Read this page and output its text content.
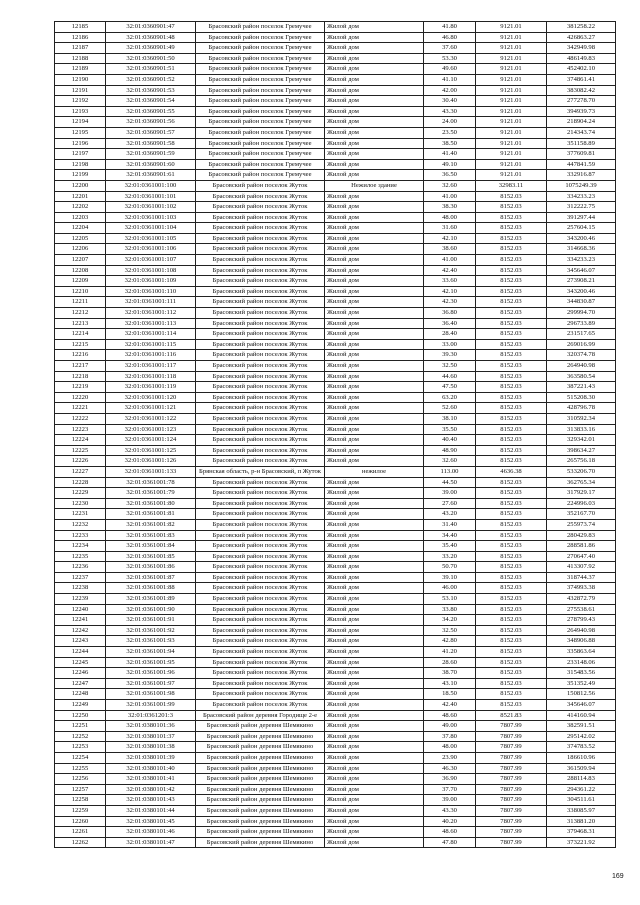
12185	32:01:0360901:47	Брасовский район поселок Гремучее	Жилой дом	41.80	9121.01	381258.22
12186	32:01:0360901:48	Брасовский район поселок Гремучее	Жилой дом	46.80	9121.01	426863.27
12187	32:01:0360901:49	Брасовский район поселок Гремучее	Жилой дом	37.60	9121.01	342949.98
12188	32:01:0360901:50	Брасовский район поселок Гремучее	Жилой дом	53.30	9121.01	486149.83
12189	32:01:0360901:51	Брасовский район поселок Гремучее	Жилой дом	49.60	9121.01	452402.10
12190	32:01:0360901:52	Брасовский район поселок Гремучее	Жилой дом	41.10	9121.01	374861.41
12191	32:01:0360901:53	Брасовский район поселок Гремучее	Жилой дом	42.00	9121.01	383082.42
12192	32:01:0360901:54	Брасовский район поселок Гремучее	Жилой дом	30.40	9121.01	277278.70
12193	32:01:0360901:55	Брасовский район поселок Гремучее	Жилой дом	43.30	9121.01	394939.73
12194	32:01:0360901:56	Брасовский район поселок Гремучее	Жилой дом	24.00	9121.01	218904.24
12195	32:01:0360901:57	Брасовский район поселок Гремучее	Жилой дом	23.50	9121.01	214343.74
12196	32:01:0360901:58	Брасовский район поселок Гремучее	Жилой дом	38.50	9121.01	351158.89
12197	32:01:0360901:59	Брасовский район поселок Гремучее	Жилой дом	41.40	9121.01	377609.81
12198	32:01:0360901:60	Брасовский район поселок Гремучее	Жилой дом	49.10	9121.01	447841.59
12199	32:01:0360901:61	Брасовский район поселок Гремучее	Жилой дом	36.50	9121.01	332916.87
12200	32:01:0361001:100	Брасовский район поселок Жуток	Нежилое здание	32.60	32983.11	1075249.39
12201	32:01:0361001:101	Брасовский район поселок Жуток	Жилой дом	41.00	8152.03	334233.23
12202	32:01:0361001:102	Брасовский район поселок Жуток	Жилой дом	38.30	8152.03	312222.75
12203	32:01:0361001:103	Брасовский район поселок Жуток	Жилой дом	48.00	8152.03	391297.44
12204	32:01:0361001:104	Брасовский район поселок Жуток	Жилой дом	31.60	8152.03	257604.15
12205	32:01:0361001:105	Брасовский район поселок Жуток	Жилой дом	42.10	8152.03	343200.46
12206	32:01:0361001:106	Брасовский район поселок Жуток	Жилой дом	38.60	8152.03	314668.36
12207	32:01:0361001:107	Брасовский район поселок Жуток	Жилой дом	41.00	8152.03	334233.23
12208	32:01:0361001:108	Брасовский район поселок Жуток	Жилой дом	42.40	8152.03	345646.07
12209	32:01:0361001:109	Брасовский район поселок Жуток	Жилой дом	33.60	8152.03	273908.21
12210	32:01:0361001:110	Брасовский район поселок Жуток	Жилой дом	42.10	8152.03	343200.46
12211	32:01:0361001:111	Брасовский район поселок Жуток	Жилой дом	42.30	8152.03	344830.87
12212	32:01:0361001:112	Брасовский район поселок Жуток	Жилой дом	36.80	8152.03	299994.70
12213	32:01:0361001:113	Брасовский район поселок Жуток	Жилой дом	36.40	8152.03	296733.89
12214	32:01:0361001:114	Брасовский район поселок Жуток	Жилой дом	28.40	8152.03	231517.65
12215	32:01:0361001:115	Брасовский район поселок Жуток	Жилой дом	33.00	8152.03	269016.99
12216	32:01:0361001:116	Брасовский район поселок Жуток	Жилой дом	39.30	8152.03	320374.78
12217	32:01:0361001:117	Брасовский район поселок Жуток	Жилой дом	32.50	8152.03	264940.98
12218	32:01:0361001:118	Брасовский район поселок Жуток	Жилой дом	44.60	8152.03	363580.54
12219	32:01:0361001:119	Брасовский район поселок Жуток	Жилой дом	47.50	8152.03	387221.43
12220	32:01:0361001:120	Брасовский район поселок Жуток	Жилой дом	63.20	8152.03	515208.30
12221	32:01:0361001:121	Брасовский район поселок Жуток	Жилой дом	52.60	8152.03	428796.78
12222	32:01:0361001:122	Брасовский район поселок Жуток	Жилой дом	38.10	8152.03	310592.34
12223	32:01:0361001:123	Брасовский район поселок Жуток	Жилой дом	35.50	8152.03	313833.16
12224	32:01:0361001:124	Брасовский район поселок Жуток	Жилой дом	40.40	8152.03	329342.01
12225	32:01:0361001:125	Брасовский район поселок Жуток	Жилой дом	48.90	8152.03	398634.27
12226	32:01:0361001:126	Брасовский район поселок Жуток	Жилой дом	32.60	8152.03	265756.18
12227	32:01:0361001:133	Брянская область, р-н Брасовский, п Жуток	нежилое	113.00	4636.38	533206.70
12228	32:01:0361001:78	Брасовский район поселок Жуток	Жилой дом	44.50	8152.03	362765.34
12229	32:01:0361001:79	Брасовский район поселок Жуток	Жилой дом	39.00	8152.03	317929.17
12230	32:01:0361001:80	Брасовский район поселок Жуток	Жилой дом	27.60	8152.03	224996.03
12231	32:01:0361001:81	Брасовский район поселок Жуток	Жилой дом	43.20	8152.03	352167.70
12232	32:01:0361001:82	Брасовский район поселок Жуток	Жилой дом	31.40	8152.03	255973.74
12233	32:01:0361001:83	Брасовский район поселок Жуток	Жилой дом	34.40	8152.03	280429.83
12234	32:01:0361001:84	Брасовский район поселок Жуток	Жилой дом	35.40	8152.03	288581.86
12235	32:01:0361001:85	Брасовский район поселок Жуток	Жилой дом	33.20	8152.03	270647.40
12236	32:01:0361001:86	Брасовский район поселок Жуток	Жилой дом	50.70	8152.03	413307.92
12237	32:01:0361001:87	Брасовский район поселок Жуток	Жилой дом	39.10	8152.03	318744.37
12238	32:01:0361001:88	Брасовский район поселок Жуток	Жилой дом	46.00	8152.03	374993.38
12239	32:01:0361001:89	Брасовский район поселок Жуток	Жилой дом	53.10	8152.03	432872.79
12240	32:01:0361001:90	Брасовский район поселок Жуток	Жилой дом	33.80	8152.03	275538.61
12241	32:01:0361001:91	Брасовский район поселок Жуток	Жилой дом	34.20	8152.03	278799.43
12242	32:01:0361001:92	Брасовский район поселок Жуток	Жилой дом	32.50	8152.03	264940.98
12243	32:01:0361001:93	Брасовский район поселок Жуток	Жилой дом	42.80	8152.03	348906.88
12244	32:01:0361001:94	Брасовский район поселок Жуток	Жилой дом	41.20	8152.03	335863.64
12245	32:01:0361001:95	Брасовский район поселок Жуток	Жилой дом	28.60	8152.03	233148.06
12246	32:01:0361001:96	Брасовский район поселок Жуток	Жилой дом	38.70	8152.03	315483.56
12247	32:01:0361001:97	Брасовский район поселок Жуток	Жилой дом	43.10	8152.03	351352.49
12248	32:01:0361001:98	Брасовский район поселок Жуток	Жилой дом	18.50	8152.03	150812.56
12249	32:01:0361001:99	Брасовский район поселок Жуток	Жилой дом	42.40	8152.03	345646.07
12250	32:01:0361201:3	Брасовский район деревня Городище 2-е	Жилой дом	48.60	8521.83	414160.94
12251	32:01:0380101:36	Брасовский район деревня Шемякино	Жилой дом	49.00	7807.99	382591.51
12252	32:01:0380101:37	Брасовский район деревня Шемякино	Жилой дом	37.80	7807.99	295142.02
12253	32:01:0380101:38	Брасовский район деревня Шемякино	Жилой дом	48.00	7807.99	374783.52
12254	32:01:0380101:39	Брасовский район деревня Шемякино	Жилой дом	23.90	7807.99	186610.96
12255	32:01:0380101:40	Брасовский район деревня Шемякино	Жилой дом	46.30	7807.99	361509.94
12256	32:01:0380101:41	Брасовский район деревня Шемякино	Жилой дом	36.90	7807.99	288114.83
12257	32:01:0380101:42	Брасовский район деревня Шемякино	Жилой дом	37.70	7807.99	294361.22
12258	32:01:0380101:43	Брасовский район деревня Шемякино	Жилой дом	39.00	7807.99	304511.61
12259	32:01:0380101:44	Брасовский район деревня Шемякино	Жилой дом	43.30	7807.99	338085.97
12260	32:01:0380101:45	Брасовский район деревня Шемякино	Жилой дом	40.20	7807.99	313881.20
12261	32:01:0380101:46	Брасовский район деревня Шемякино	Жилой дом	48.60	7807.99	379468.31
12262	32:01:0380101:47	Брасовский район деревня Шемякино	Жилой дом	47.80	7807.99	373221.92
169
